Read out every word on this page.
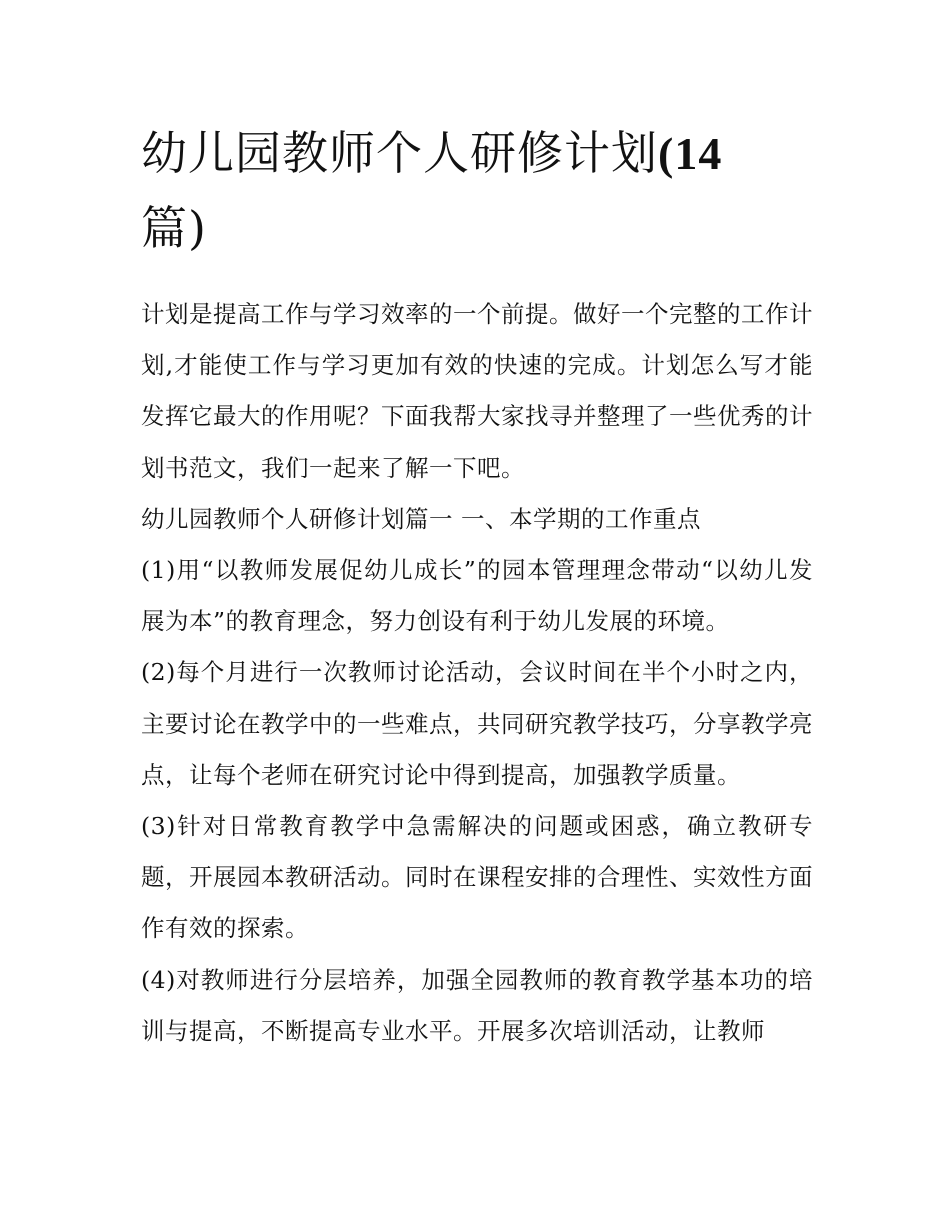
幼儿园教师个人研修计划(14
篇)

计划是提高工作与学习效率的一个前提。做好一个完整的工作计划,才能使工作与学习更加有效的快速的完成。计划怎么写才能发挥它最大的作用呢？下面我帮大家找寻并整理了一些优秀的计划书范文，我们一起来了解一下吧。

幼儿园教师个人研修计划篇一 一、本学期的工作重点

(1)用“以教师发展促幼儿成长”的园本管理理念带动“以幼儿发展为本”的教育理念，努力创设有利于幼儿发展的环境。

(2)每个月进行一次教师讨论活动，会议时间在半个小时之内，主要讨论在教学中的一些难点，共同研究教学技巧，分享教学亮点，让每个老师在研究讨论中得到提高，加强教学质量。

(3)针对日常教育教学中急需解决的问题或困惑，确立教研专题，开展园本教研活动。同时在课程安排的合理性、实效性方面作有效的探索。

(4)对教师进行分层培养，加强全园教师的教育教学基本功的培训与提高，不断提高专业水平。开展多次培训活动，让教师
